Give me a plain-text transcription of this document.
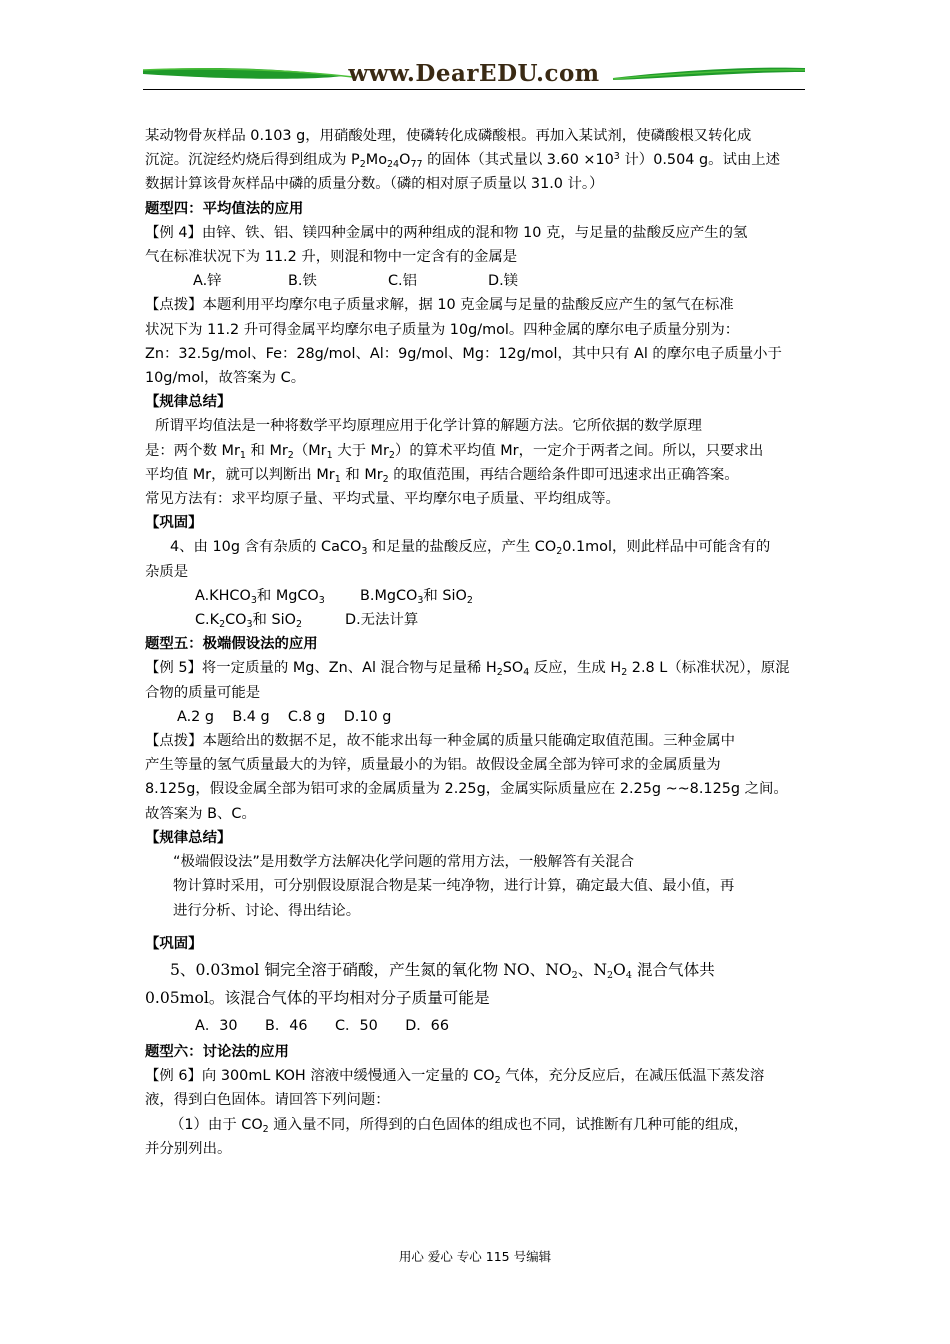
www.DearEDU.com

某动物骨灰样品 0.103 g，用硝酸处理，使磷转化成磷酸根。再加入某试剂，使磷酸根又转化成

沉淀。沉淀经灼烧后得到组成为 $P_2Mo_{24}O_{77}$ 的固体（其式量以 $3.60 \times 10^3$ 计）0.504 g。试由上述

数据计算该骨灰样品中磷的质量分数。（磷的相对原子质量以 31.0 计。）

题型四：平均值法的应用

【例 4】由锌、铁、铝、镁四种金属中的两种组成的混和物 10 克，与足量的盐酸反应产生的氢

气在标准状况下为 11.2 升，则混和物中一定含有的金属是

A.锌	B.铁	C.铝	D.镁

【点拨】本题利用平均摩尔电子质量求解，据 10 克金属与足量的盐酸反应产生的氢气在标准

状况下为 11.2 升可得金属平均摩尔电子质量为 10g/mol。四种金属的摩尔电子质量分别为：

Zn：32.5g/mol、Fe：28g/mol、Al：9g/mol、Mg：12g/mol，其中只有 Al 的摩尔电子质量小于

10g/mol，故答案为 C。

【规律总结】

所谓平均值法是一种将数学平均原理应用于化学计算的解题方法。它所依据的数学原理

是：两个数 $Mr_1$ 和 $Mr_2(Mr_1$ 大于 $Mr_2$）的算术平均值 Mr，一定介于两者之间。所以，只要求出

平均值 Mr，就可以判断出 $Mr_1$ 和 $Mr_2$ 的取值范围，再结合题给条件即可迅速求出正确答案。

常见方法有：求平均原子量、平均式量、平均摩尔电子质量、平均组成等。

【巩固】

4、由 10g 含有杂质的 CaCO$_3$ 和足量的盐酸反应，产生 $CO_20.1mol$，则此样品中可能含有的

杂质是

$A.KHCO_3$和 MgCO$_3$ B.MgCO$_3$和 SiO$_2$

$C.K_2CO_3$和 SiO$_2$	D.无法计算

题型五：极端假设法的应用

【例 5】将一定质量的 Mg、Zn、Al 混合物与足量稀 $H_2SO_4$ 反应，生成 $H_2$ 2.8 L（标准状况），原混

合物的质量可能是

A.2 g    B.4 g    C.8 g    D.10 g

【点拨】本题给出的数据不足，故不能求出每一种金属的质量只能确定取值范围。三种金属中

产生等量的氢气质量最大的为锌，质量最小的为铝。故假设金属全部为锌可求的金属质量为

8.125g，假设金属全部为铝可求的金属质量为 2.25g，金属实际质量应在 2.25g ~~8.125g 之间。

故答案为 B、C。

【规律总结】

“极端假设法”是用数学方法解决化学问题的常用方法，一般解答有关混合

物计算时采用，可分别假设原混合物是某一纯净物，进行计算，确定最大值、最小值，再

进行分析、讨论、得出结论。

【巩固】

5、0.03mol 铜完全溶于硝酸，产生氮的氧化物 NO、$NO_2$、$N_2O_4$ 混合气体共

0.05mol。该混合气体的平均相对分子质量可能是

A．30      B．46      C．50      D．66

题型六：讨论法的应用

【例 6】向 300mL KOH 溶液中缓慢通入一定量的 $CO_2$ 气体，充分反应后，在减压低温下蒸发溶

液，得到白色固体。请回答下列问题：

（1）由于 $CO_2$ 通入量不同，所得到的白色固体的组成也不同，试推断有几种可能的组成，

并分别列出。

用心 爱心 专心 115 号编辑
